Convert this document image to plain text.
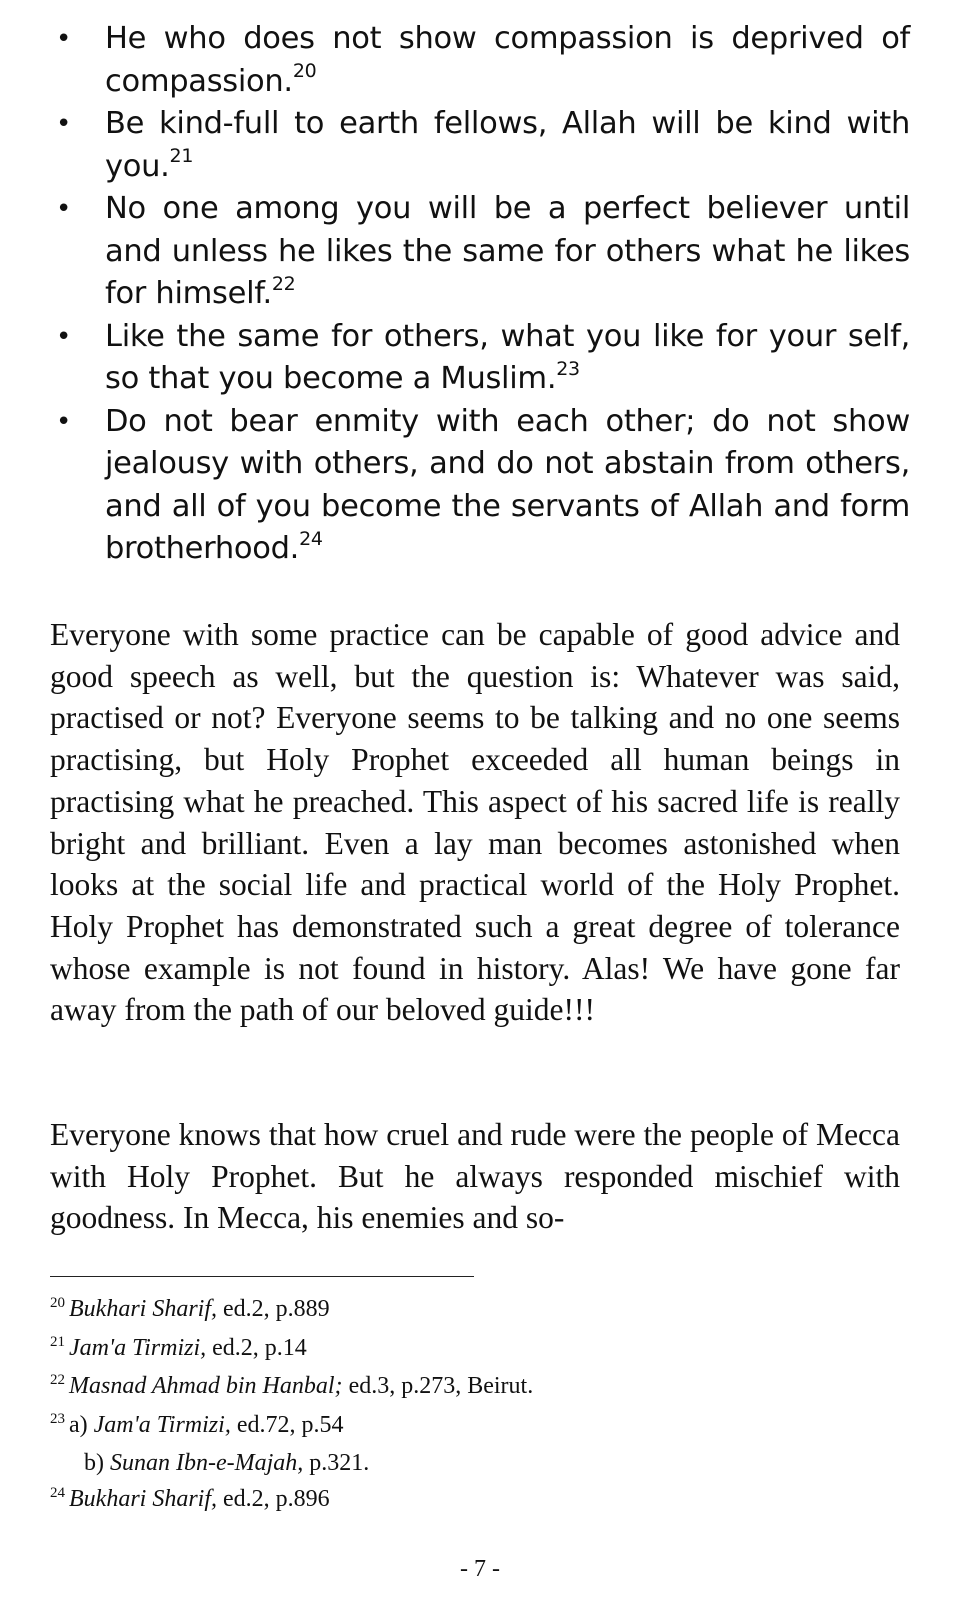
• He who does not show compassion is deprived of compassion.$^{20}$
• Be kind-full to earth fellows, Allah will be kind with you.$^{21}$
• No one among you will be a perfect believer until and unless he likes the same for others what he likes for himself.$^{22}$
• Like the same for others, what you like for your self, so that you become a Muslim.$^{23}$
• Do not bear enmity with each other; do not show jealousy with others, and do not abstain from others, and all of you become the servants of Allah and form brotherhood.$^{24}$

Everyone with some practice can be capable of good advice and good speech as well, but the question is: Whatever was said, practised or not? Everyone seems to be talking and no one seems practising, but Holy Prophet exceeded all human beings in practising what he preached. This aspect of his sacred life is really bright and brilliant. Even a lay man becomes astonished when looks at the social life and practical world of the Holy Prophet. Holy Prophet has demonstrated such a great degree of tolerance whose example is not found in history. Alas! We have gone far away from the path of our beloved guide!!!

Everyone knows that how cruel and rude were the people of Mecca with Holy Prophet. But he always responded mischief with goodness. In Mecca, his enemies and so-

$^{20}$ Bukhari Sharif, ed.2, p.889
$^{21}$ Jam'a Tirmizi, ed.2, p.14
$^{22}$ Masnad Ahmad bin Hanbal; ed.3, p.273, Beirut.
$^{23}$ a) Jam'a Tirmizi, ed.72, p.54
b) Sunan Ibn-e-Majah, p.321.
$^{24}$ Bukhari Sharif, ed.2, p.896
- 7 -
